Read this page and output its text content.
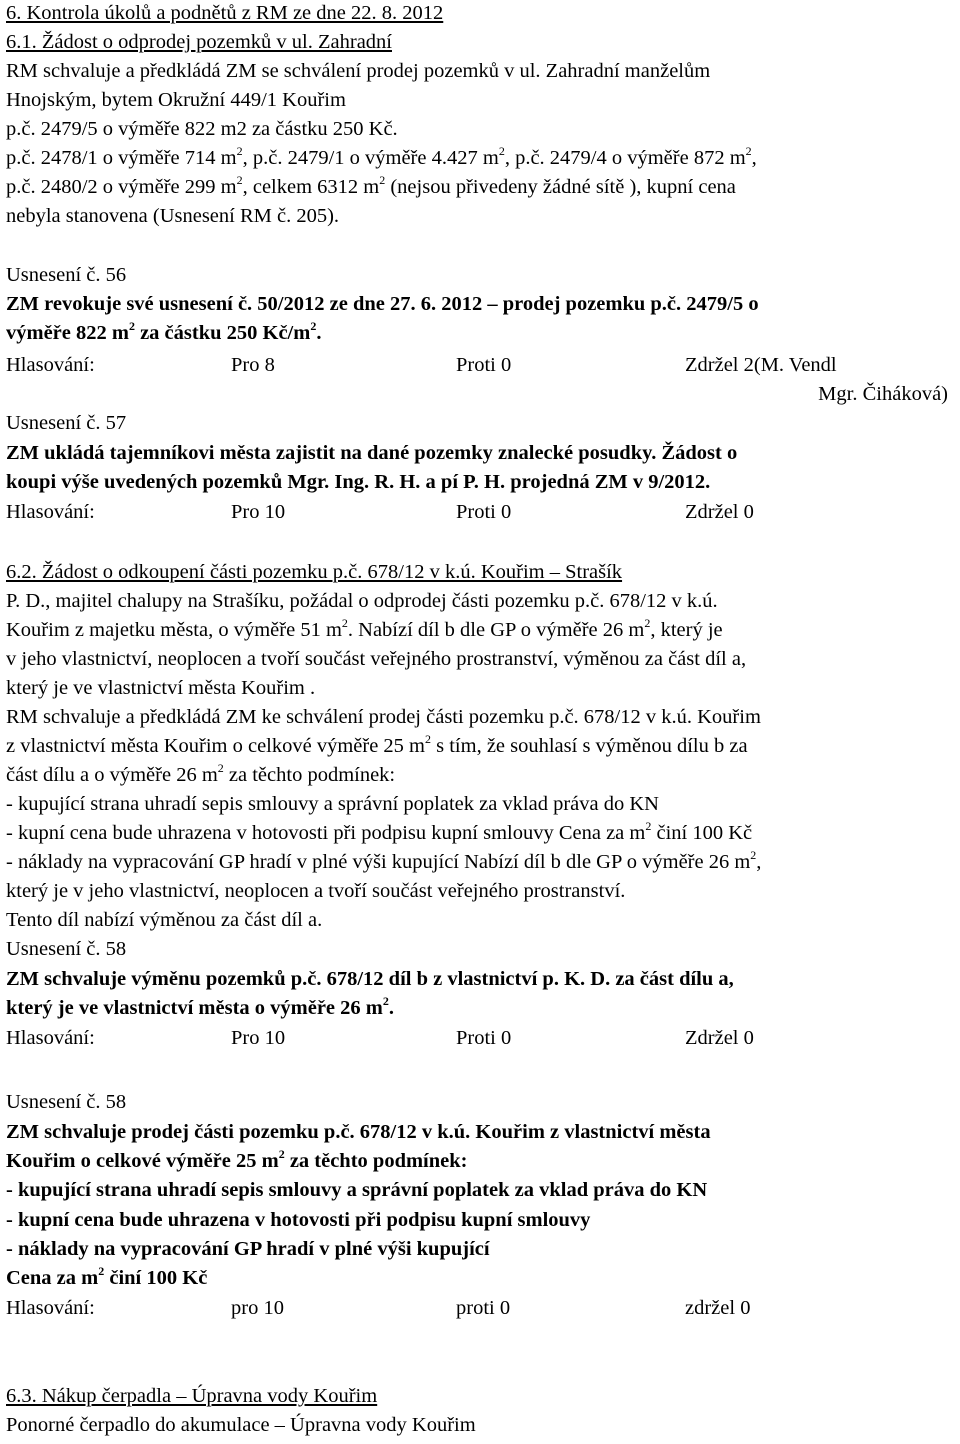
6. Kontrola úkolů a podnětů z RM ze dne 22. 8. 2012
6.1. Žádost o odprodej pozemků v ul. Zahradní
RM schvaluje a předkládá ZM se schválení prodej pozemků v ul. Zahradní manželům
Hnojským, bytem Okružní 449/1 Kouřim
p.č. 2479/5 o výměře 822 m2 za částku 250 Kč.
p.č. 2478/1 o výměře 714 $m^2$, p.č. 2479/1 o výměře 4.427 $m^2$, p.č. 2479/4 o výměře 872 $m^2$,
p.č. 2480/2 o výměře 299 $m^2$, celkem 6312 $m^2$ (nejsou přivedeny žádné sítě ), kupní cena
nebyla stanovena (Usnesení RM č. 205).
Usnesení č. 56
ZM revokuje své usnesení č. 50/2012 ze dne 27. 6. 2012 – prodej pozemku p.č. 2479/5 o
výměře 822 $m^2$ za částku 250 $Kč/m^2$.
Hlasování:	Pro 8	Proti 0	Zdržel 2(M. Vendl
Mgr. Čiháková)
Usnesení č. 57
ZM ukládá tajemníkovi města zajistit na dané pozemky znalecké posudky. Žádost o
koupi výše uvedených pozemků Mgr. Ing. R. H. a pí P. H. projedná ZM v 9/2012.
Hlasování:	Pro 10	Proti 0	Zdržel 0
6.2. Žádost o odkoupení části pozemku p.č. 678/12 v k.ú. Kouřim – Strašík
P. D., majitel chalupy na Strašíku, požádal o odprodej části pozemku p.č. 678/12 v k.ú.
Kouřim z majetku města, o výměře 51 $m^2$. Nabízí díl b dle GP o výměře 26 $m^2$, který je
v jeho vlastnictví, neoplocen a tvoří součást veřejného prostranství, výměnou za část díl a,
který je ve vlastnictví města Kouřim .
RM schvaluje a předkládá ZM ke schválení prodej části pozemku p.č. 678/12 v k.ú. Kouřim
z vlastnictví města Kouřim o celkové výměře 25 $m^2$ s tím, že souhlasí s výměnou dílu b za
část dílu a o výměře 26 $m^2$ za těchto podmínek:
- kupující strana uhradí sepis smlouvy a správní poplatek za vklad práva do KN
- kupní cena bude uhrazena v hotovosti při podpisu kupní smlouvy Cena za $m^2$ činí 100 Kč
- náklady na vypracování GP hradí v plné výši kupující Nabízí díl b dle GP o výměře 26 $m^2$,
který je v jeho vlastnictví, neoplocen a tvoří součást veřejného prostranství.
Tento díl nabízí výměnou za část díl a.
Usnesení č. 58
ZM schvaluje výměnu pozemků p.č. 678/12 díl b z vlastnictví p. K. D. za část dílu a,
který je ve vlastnictví města o výměře 26 $m^2$.
Hlasování:	Pro 10	Proti 0	Zdržel 0
Usnesení č. 58
ZM schvaluje prodej části pozemku p.č. 678/12 v k.ú. Kouřim z vlastnictví města
Kouřim o celkové výměře 25 $m^2$ za těchto podmínek:
- kupující strana uhradí sepis smlouvy a správní poplatek za vklad práva do KN
- kupní cena bude uhrazena v hotovosti při podpisu kupní smlouvy
- náklady na vypracování GP hradí v plné výši kupující
Cena za $m^2$ činí 100 Kč
Hlasování:	pro 10	proti 0	zdržel 0
6.3. Nákup čerpadla – Úpravna vody Kouřim
Ponorné čerpadlo do akumulace – Úpravna vody Kouřim
